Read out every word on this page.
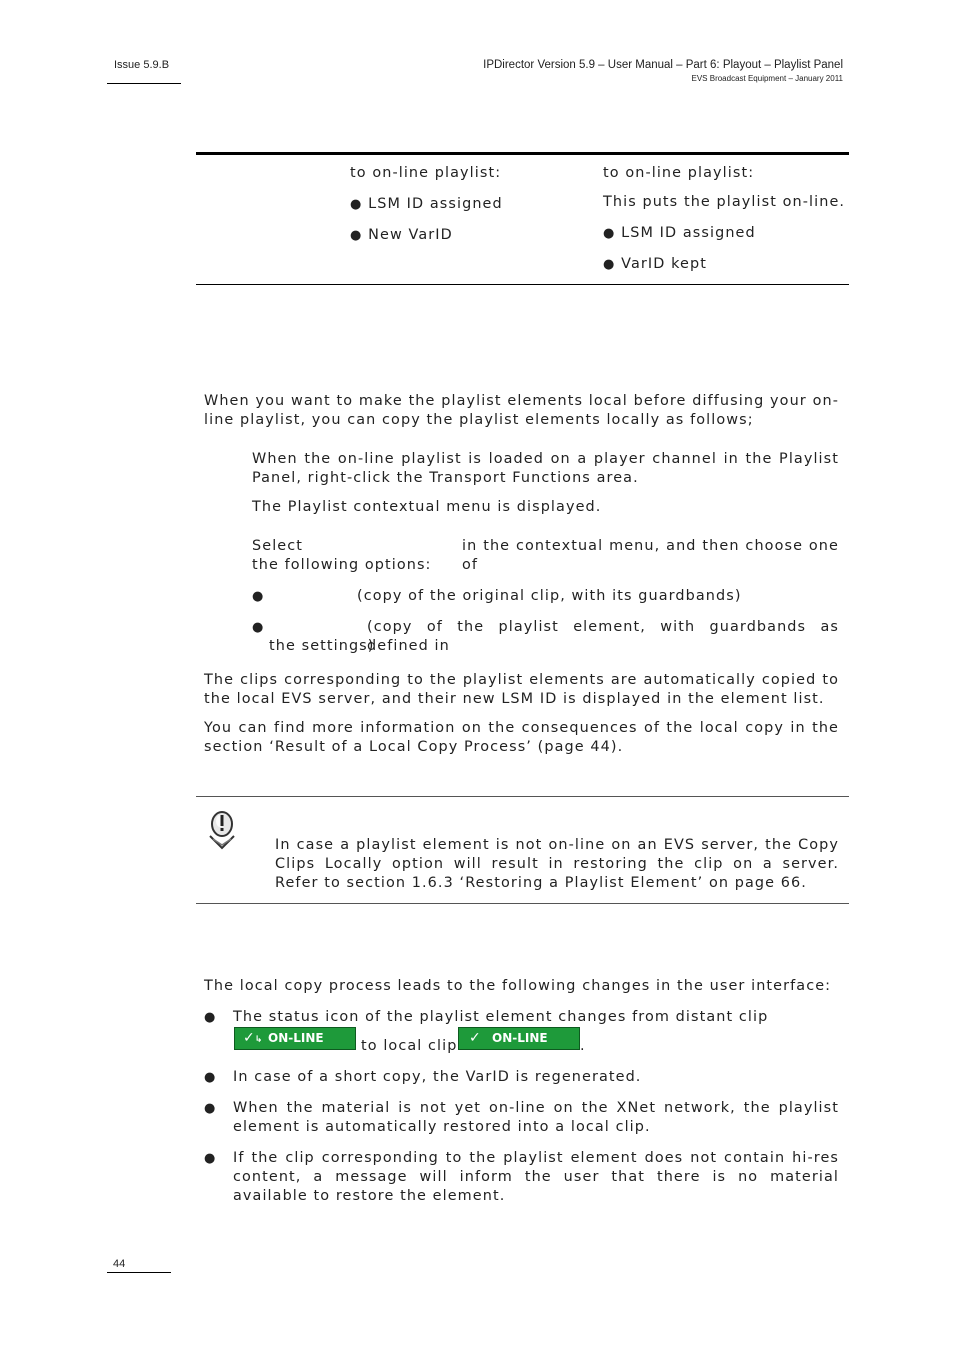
Issue 5.9.B	IPDirector Version 5.9 – User Manual – Part 6: Playout – Playlist Panel
EVS Broadcast Equipment – January 2011
to on-line playlist:
● LSM ID assigned
● New VarID
to on-line playlist:
This puts the playlist on-line.
● LSM ID assigned
● VarID kept
When you want to make the playlist elements local before diffusing your on-line playlist, you can copy the playlist elements locally as follows;
When the on-line playlist is loaded on a player channel in the Playlist Panel, right-click the Transport Functions area.
The Playlist contextual menu is displayed.
Select	in the contextual menu, and then choose one of
the following options:
●	(copy of the original clip, with its guardbands)
●	(copy of the playlist element, with guardbands as defined in
the settings)
The clips corresponding to the playlist elements are automatically copied to the local EVS server, and their new LSM ID is displayed in the element list.
You can find more information on the consequences of the local copy in the section ‘Result of a Local Copy Process’ (page 44).
In case a playlist element is not on-line on an EVS server, the Copy Clips Locally option will result in restoring the clip on a server. Refer to section 1.6.3 ‘Restoring a Playlist Element’ on page 66.
The local copy process leads to the following changes in the user interface:
● The status icon of the playlist element changes from distant clip
✓↳ ON-LINE	to local clip ✓ ON-LINE .
● In case of a short copy, the VarID is regenerated.
● When the material is not yet on-line on the XNet network, the playlist element is automatically restored into a local clip.
● If the clip corresponding to the playlist element does not contain hi-res content, a message will inform the user that there is no material available to restore the element.
44
